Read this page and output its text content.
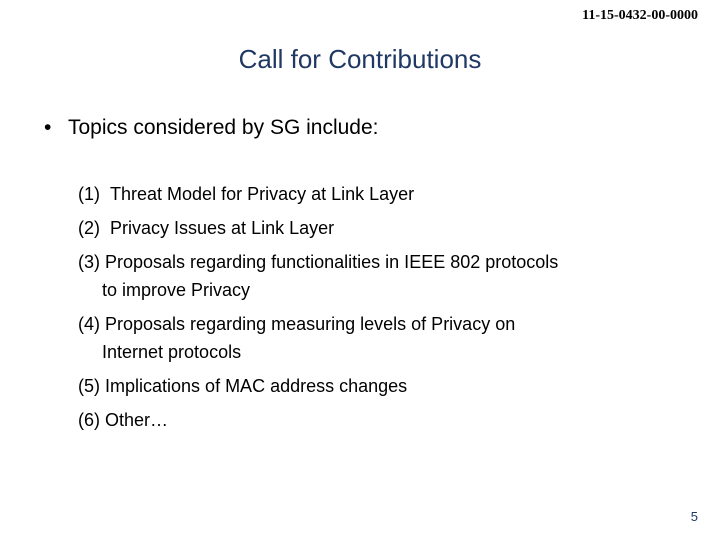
11-15-0432-00-0000
Call for Contributions
• Topics considered by SG include:
(1) Threat Model for Privacy at Link Layer
(2) Privacy Issues at Link Layer
(3) Proposals regarding functionalities in IEEE 802 protocols
to improve Privacy
(4) Proposals regarding measuring levels of Privacy on
Internet protocols
(5) Implications of MAC address changes
(6) Other…
5
